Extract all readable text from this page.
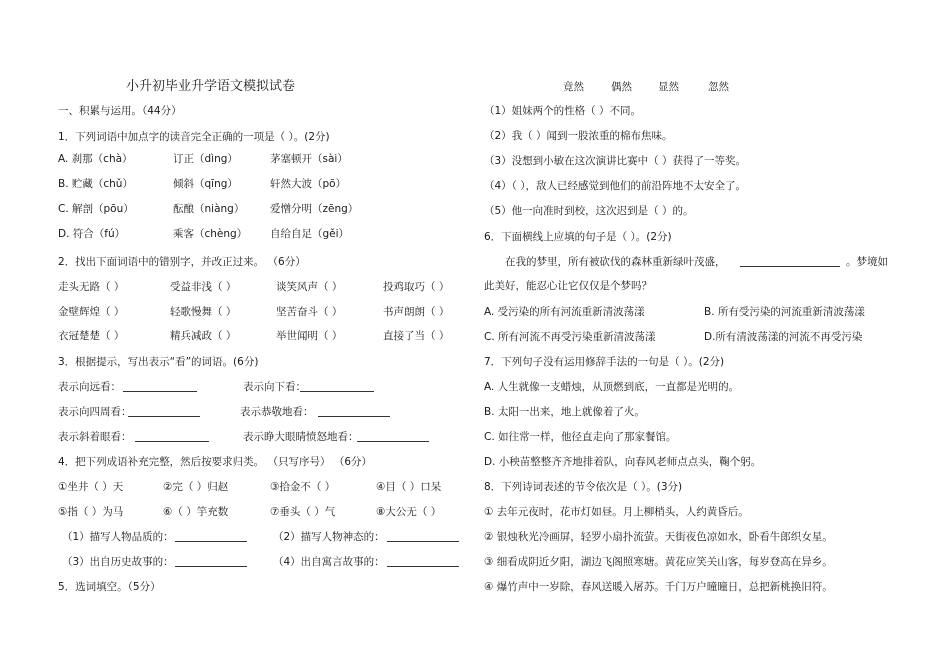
小升初毕业升学语文模拟试卷
一、积累与运用。（44分）
1．下列词语中加点字的读音完全正确的一项是（ ）。(2分)
A. 刹那（chà）	订正（dìng）	茅塞顿开（sài）
B. 贮藏（chǔ）	倾斜（qīng）	轩然大波（pō）
C. 解剖（pōu）	酝酿（niàng） 爱憎分明（zēng）
D. 符合（fú）	乘客（chèng） 自给自足（gěi）
2．找出下面词语中的错别字，并改正过来。 （6分）
走头无路（ ）	受益非浅（ ）	谈笑风声（ ）	投鸡取巧（ ）
金壁辉煌（ ）	轻歌慢舞（ ）	坚苦奋斗（ ）	书声朗朗（ ）
衣冠楚楚（ ）	精兵减政（ ）	举世闻明（ ）	直接了当（ ）
3．根据提示，写出表示“看”的词语。(6分)
表示向远看：	表示向下看：
表示向四周看：	表示恭敬地看：
表示斜着眼看：	表示睁大眼睛愤怒地看：
4．把下列成语补充完整，然后按要求归类。 （只写序号） （6分）
①坐井（ ）天	②完（ ）归赵	③拾金不（ ）	④目（ ）口呆
⑤指（ ）为马	⑥（ ）竽充数	⑦垂头（ ）气	⑧大公无（ ）
（1）描写人物品质的：	（2）描写人物神态的：
（3）出自历史故事的：	（4）出自寓言故事的：
5．选词填空。（5分）
竟然	偶然 显然	忽然
（1）姐妹两个的性格（ ）不同。
（2）我（ ）闻到一股浓重的棉布焦味。
（3）没想到小敏在这次演讲比赛中（ ）获得了一等奖。
（4）（ ），敌人已经感觉到他们的前沿阵地不太安全了。
（5）他一向准时到校，这次迟到是（ ）的。
6．下面横线上应填的句子是（ ）。(2分)
在我的梦里，所有被砍伐的森林重新绿叶茂盛，	。梦境如
此美好，能忍心让它仅仅是个梦吗？
A. 受污染的所有河流重新清波荡漾	B. 所有受污染的河流重新清波荡漾
C. 所有河流不再受污染重新清波荡漾	D.所有清波荡漾的河流不再受污染
7．下列句子没有运用修辞手法的一句是（ ）。(2分)
A. 人生就像一支蜡烛，从顶燃到底，一直都是光明的。
B. 太阳一出来，地上就像着了火。
C. 如往常一样，他径直走向了那家餐馆。
D. 小秧苗整整齐齐地排着队，向春风老师点点头，鞠个躬。
8．下列诗词表述的节令依次是（ ）。(3分)
① 去年元夜时，花市灯如昼。月上柳梢头，人约黄昏后。
② 银烛秋光冷画屏，轻罗小扇扑流萤。天街夜色凉如水，卧看牛郎织女星。
③ 细看成阴近夕阳，湖边飞阁照寒塘。黄花应笑关山客，每岁登高在异乡。
④ 爆竹声中一岁除，春风送暖入屠苏。千门万户曈曈日，总把新桃换旧符。
